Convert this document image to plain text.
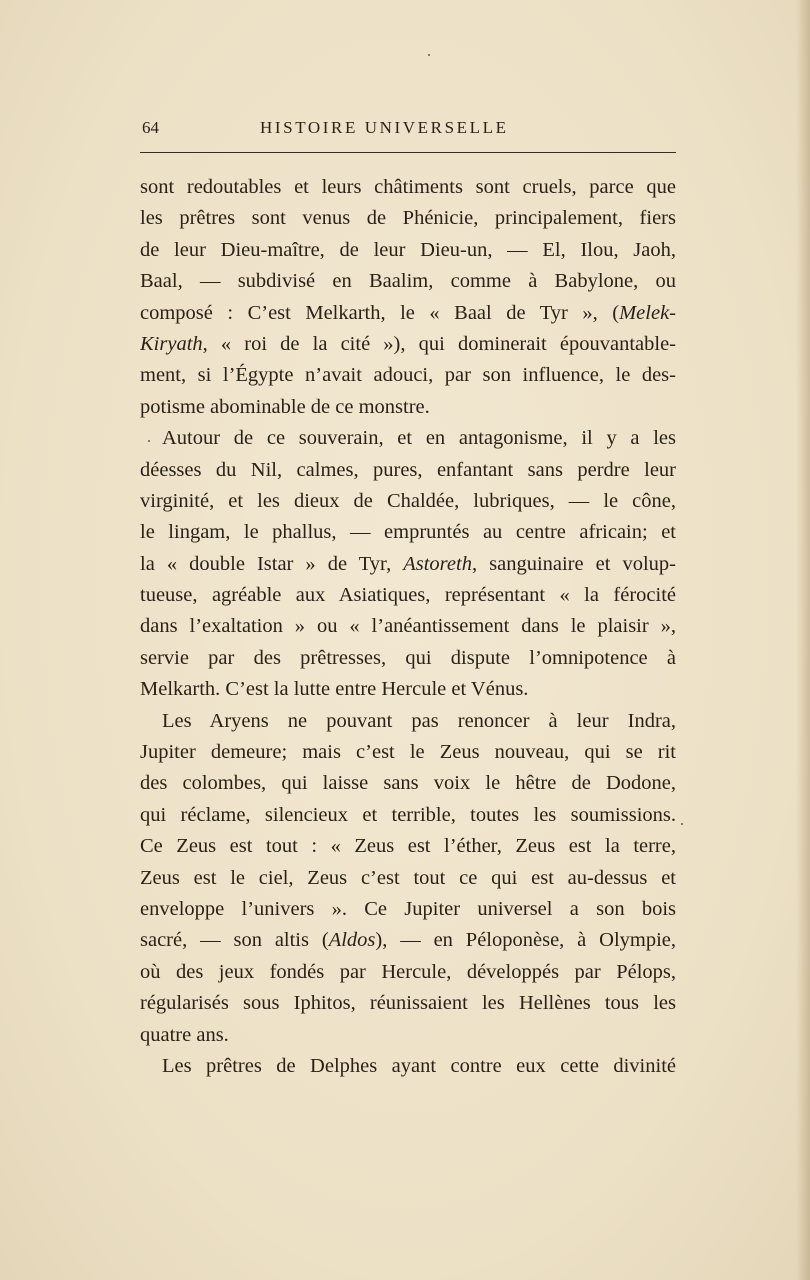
64	HISTOIRE UNIVERSELLE
sont redoutables et leurs châtiments sont cruels, parce que
les prêtres sont venus de Phénicie, principalement, fiers
de leur Dieu-maître, de leur Dieu-un, — El, Ilou, Jaoh,
Baal, — subdivisé en Baalim, comme à Babylone, ou
composé : C’est Melkarth, le « Baal de Tyr », (Melek-
Kiryath, « roi de la cité »), qui dominerait épouvantable-
ment, si l’Égypte n’avait adouci, par son influence, le des-
potisme abominable de ce monstre.
Autour de ce souverain, et en antagonisme, il y a les
déesses du Nil, calmes, pures, enfantant sans perdre leur
virginité, et les dieux de Chaldée, lubriques, — le cône,
le lingam, le phallus, — empruntés au centre africain; et
la « double Istar » de Tyr, Astoreth, sanguinaire et volup-
tueuse, agréable aux Asiatiques, représentant « la férocité
dans l’exaltation » ou « l’anéantissement dans le plaisir »,
servie par des prêtresses, qui dispute l’omnipotence à
Melkarth. C’est la lutte entre Hercule et Vénus.
Les Aryens ne pouvant pas renoncer à leur Indra,
Jupiter demeure; mais c’est le Zeus nouveau, qui se rit
des colombes, qui laisse sans voix le hêtre de Dodone,
qui réclame, silencieux et terrible, toutes les soumissions.
Ce Zeus est tout : « Zeus est l’éther, Zeus est la terre,
Zeus est le ciel, Zeus c’est tout ce qui est au-dessus et
enveloppe l’univers ». Ce Jupiter universel a son bois
sacré, — son altis (Aldos), — en Péloponèse, à Olympie,
où des jeux fondés par Hercule, développés par Pélops,
régularisés sous Iphitos, réunissaient les Hellènes tous les
quatre ans.
Les prêtres de Delphes ayant contre eux cette divinité
